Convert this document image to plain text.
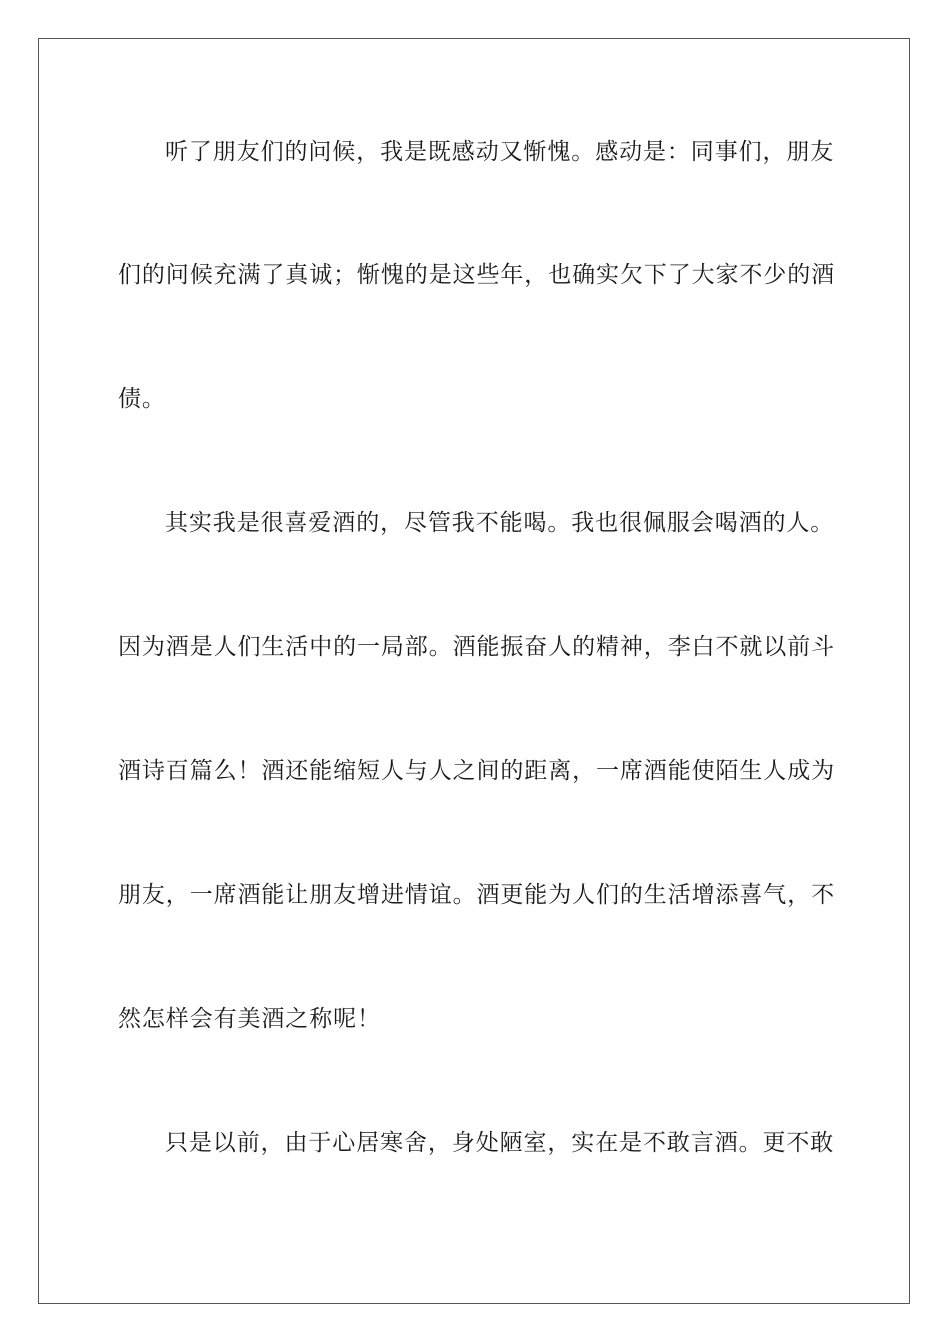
听了朋友们的问候，我是既感动又惭愧。感动是：同事们，朋友
们的问候充满了真诚；惭愧的是这些年，也确实欠下了大家不少的酒
债。
其实我是很喜爱酒的，尽管我不能喝。我也很佩服会喝酒的人。
因为酒是人们生活中的一局部。酒能振奋人的精神，李白不就以前斗
酒诗百篇么！酒还能缩短人与人之间的距离，一席酒能使陌生人成为
朋友，一席酒能让朋友增进情谊。酒更能为人们的生活增添喜气，不
然怎样会有美酒之称呢！
只是以前，由于心居寒舍，身处陋室，实在是不敢言酒。更不敢
